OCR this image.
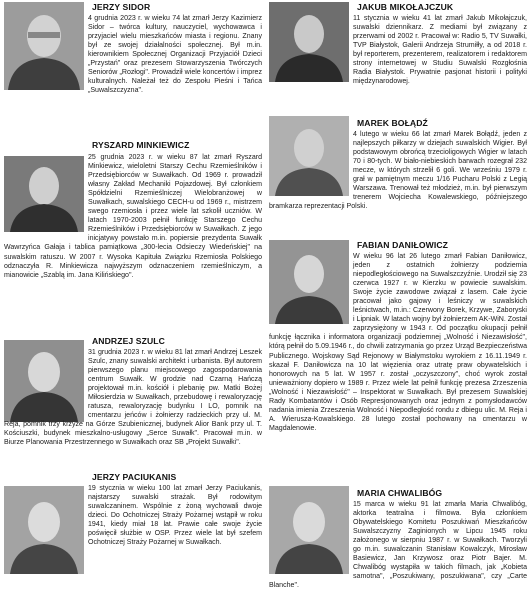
JERZY SIDOR
4 grudnia 2023 r. w wieku 74 lat zmarł Jerzy Kazimierz Sidor – twórca kultury, nauczyciel, wychowawca i przyjaciel wielu mieszkańców miasta i regionu. Znany był ze swojej działalności społecznej. Był m.in. kierownikiem Społecznej Organizacji Przyjaciół Dzieci „Przystań" oraz prezesem Stowarzyszenia Twórczych Seniorów „Rozłogi". Prowadził wiele koncertów i imprez kulturalnych. Należał też do Zespołu Pieśni i Tańca „Suwalszczyzna".
RYSZARD MINKIEWICZ
25 grudnia 2023 r. w wieku 87 lat zmarł Ryszard Minkiewicz, wieloletni Starszy Cechu Rzemieślników i Przedsiębiorców w Suwałkach. Od 1969 r. prowadził własny Zakład Mechaniki Pojazdowej. Był członkiem Spółdzielni Rzemieślniczej Wielobranżowej w Suwałkach, suwalskiego CECH-u od 1969 r., mistrzem swego rzemiosła i przez wiele lat szkolił uczniów. W latach 1970-2003 pełnił funkcję Starszego Cechu Rzemieślników i Przedsiębiorców w Suwałkach. Z jego inicjatywy powstało m.in. popiersie prezydenta Suwałk Wawrzyńca Gałaja i tablica pamiątkowa „300-lecia Odsieczy Wiedeńskiej" na suwalskim ratuszu. W 2007 r. Wysoka Kapituła Związku Rzemiosła Polskiego odznaczyła R. Minkiewicza najwyższym odznaczeniem rzemieślniczym, a mianowicie „Szablą im. Jana Kilińskiego".
ANDRZEJ SZULC
31 grudnia 2023 r. w wieku 81 lat zmarł Andrzej Leszek Szulc, znany suwalski architekt i urbanista. Był autorem pierwszego planu miejscowego zagospodarowania centrum Suwałk. W grodzie nad Czarną Hańczą projektował m.in. kościół i plebanię pw. Matki Bożej Miłosierdzia w Suwałkach, przebudowę i rewaloryzację ratusza, rewaloryzację budynku I LO, pomnik na cmentarzu jeńców i żołnierzy radzieckich przy ul. M. Reja, pomnik trzy krzyże na Górze Szubienicznej, budynek Alior Bank przy ul. T. Kościuszki, budynek mieszkalno-usługowy „Serce Suwałk". Pracował m.in. w Biurze Planowania Przestrzennego w Suwałkach oraz SB „Projekt Suwałki".
JERZY PACIUKANIS
19 stycznia w wieku 100 lat zmarł Jerzy Paciukanis, najstarszy suwalski strażak. Był rodowitym suwalczaninem. Wspólnie z żoną wychowali dwoje dzieci. Do Ochotniczej Straży Pożarnej wstąpił w roku 1941, kiedy miał 18 lat. Prawie całe swoje życie poświęcił służbie w OSP. Przez wiele lat był szefem Ochotniczej Straży Pożarnej w Suwałkach.
JAKUB MIKOŁAJCZUK
11 stycznia w wieku 41 lat zmarł Jakub Mikołajczuk, suwalski dziennikarz. Z mediami był związany z przerwami od 2002 r. Pracował w: Radio 5, TV Suwałki, TVP Białystok, Galerii Andrzeja Strumiłły, a od 2018 r. był reporterem, prezenterem, realizatorem i redaktorem strony internetowej w Studiu Suwalski Rozgłośnia Radia Białystok. Prywatnie pasjonat historii i polityki międzynarodowej.
MAREK BOŁĄDŹ
4 lutego w wieku 66 lat zmarł Marek Bołądź, jeden z najlepszych piłkarzy w dziejach suwalskich Wigier. Był podstawowym obrońcą trzecioligowych Wigier w latach 70 i 80-tych. W biało-niebieskich barwach rozegrał 232 mecze, w których strzelił 6 goli. We wrześniu 1979 r. grał w pamiętnym meczu 1/16 Pucharu Polski z Legią Warszawa. Trenował też młodzież, m.in. był pierwszym trenerem Wojciecha Kowalewskiego, późniejszego bramkarza reprezentacji Polski.
FABIAN DANIŁOWICZ
W wieku 96 lat 26 lutego zmarł Fabian Daniłowicz, jeden z ostatnich żołnierzy podziemia niepodległościowego na Suwalszczyźnie. Urodził się 23 czerwca 1927 r. w Kierzku w powiecie suwalskim. Swoje życie zawodowe związał z lasem. Całe życie pracował jako gajowy i leśniczy w suwalskich leśnictwach, m.in.: Czerwony Borek, Krzywe, Zaboryski i Lipniak. W latach wojny był żołnierzem AK-WiN. Został zaprzysiężony w 1943 r. Od początku okupacji pełnił funkcję łącznika i informatora organizacji podziemnej „Wolność i Niezawisłość", którą pełnił do 5.09.1946 r., do chwili zatrzymania go przez Urząd Bezpieczeństwa Publicznego. Wojskowy Sąd Rejonowy w Białymstoku wyrokiem z 16.11.1949 r. skazał F. Daniłowicza na 10 lat więzienia oraz utratę praw obywatelskich i honorowych na 5 lat. W 1957 r. został „oczyszczony", choć wyrok został unieważniony dopiero w 1989 r. Przez wiele lat pełnił funkcję prezesa Zrzeszenia „Wolność i Niezawisłość" – Inspektorat w Suwałkach. Był prezesem Suwalskiej Rady Kombatantów i Osób Represjonowanych oraz jednym z pomysłodawców nadania imienia Zrzeszenia Wolność i Niepodległość rondu z dbiegu ulic. M. Reja i A. Wierusza-Kowalskiego. 28 lutego został pochowany na cmentarzu w Magdalenowie.
MARIA CHWALIBÓG
15 marca w wieku 91 lat zmarła Maria Chwalibóg, aktorka teatralna i filmowa. Była członkiem Obywatelskiego Komitetu Poszukiwań Mieszkańców Suwalszczyzny Zaginionych w Lipcu 1945 roku założonego w sierpniu 1987 r. w Suwałkach. Tworzyli go m.in. suwalczanin Stanisław Kowalczyk, Mirosław Basiewicz, Jan Krzywosz oraz Piotr Bajer. M. Chwalibóg wystąpiła w takich filmach, jak „Kobieta samotna", „Poszukiwany, poszukiwana", czy „Carte Blanche".
